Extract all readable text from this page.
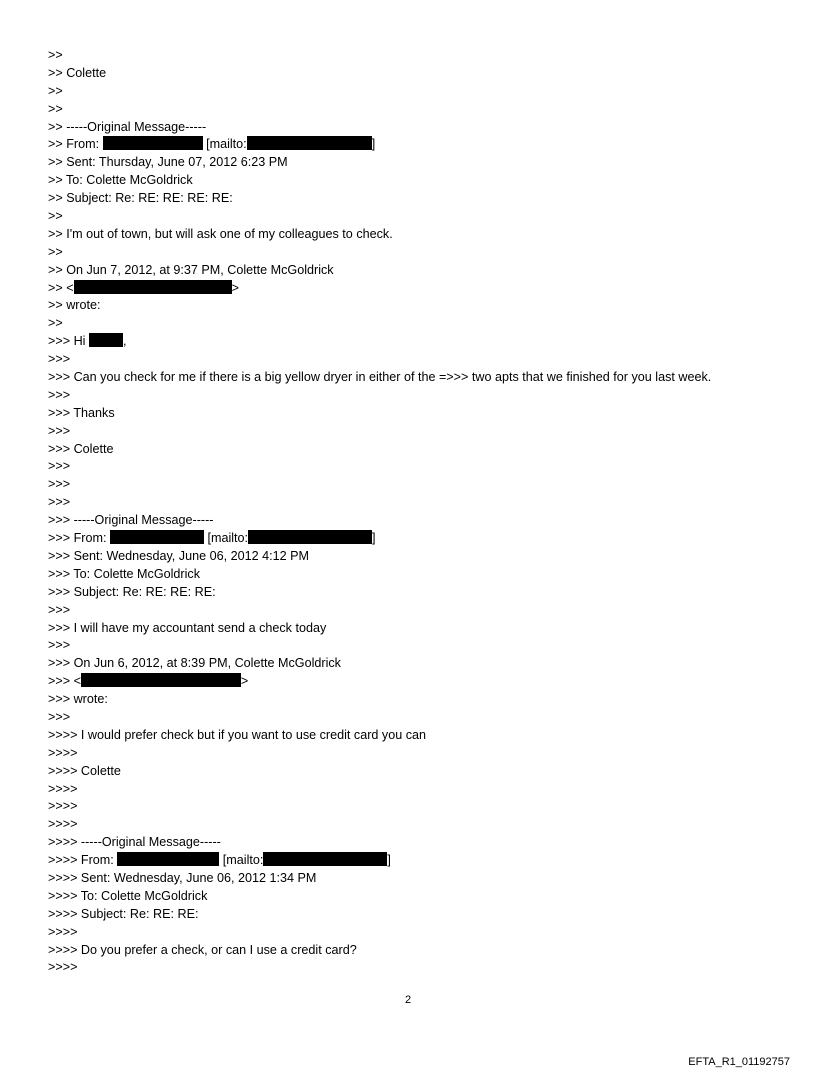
>>
>> Colette
>>
>>
>> -----Original Message-----
>> From:	[mailto:	]
>> Sent: Thursday, June 07, 2012 6:23 PM
>> To: Colette McGoldrick
>> Subject: Re: RE: RE: RE: RE:
>>
>> I'm out of town, but will ask one of my colleagues to check.
>>
>> On Jun 7, 2012, at 9:37 PM, Colette McGoldrick
>> <	>
>> wrote:
>>
>>> Hi	,
>>>
>>> Can you check for me if there is a big yellow dryer in either of the =>>> two apts that we finished for you last week.
>>>
>>> Thanks
>>>
>>> Colette
>>>
>>>
>>>
>>> -----Original Message-----
>>> From:	[mailto:	]
>>> Sent: Wednesday, June 06, 2012 4:12 PM
>>> To: Colette McGoldrick
>>> Subject: Re: RE: RE: RE:
>>>
>>> I will have my accountant send a check today
>>>
>>> On Jun 6, 2012, at 8:39 PM, Colette McGoldrick
>>> <	>
>>> wrote:
>>>
>>>> I would prefer check but if you want to use credit card you can
>>>>
>>>> Colette
>>>>
>>>>
>>>>
>>>> -----Original Message-----
>>>> From:	[mailto:	]
>>>> Sent: Wednesday, June 06, 2012 1:34 PM
>>>> To: Colette McGoldrick
>>>> Subject: Re: RE: RE:
>>>>
>>>> Do you prefer a check, or can I use a credit card?
>>>>
2
EFTA_R1_01192757
